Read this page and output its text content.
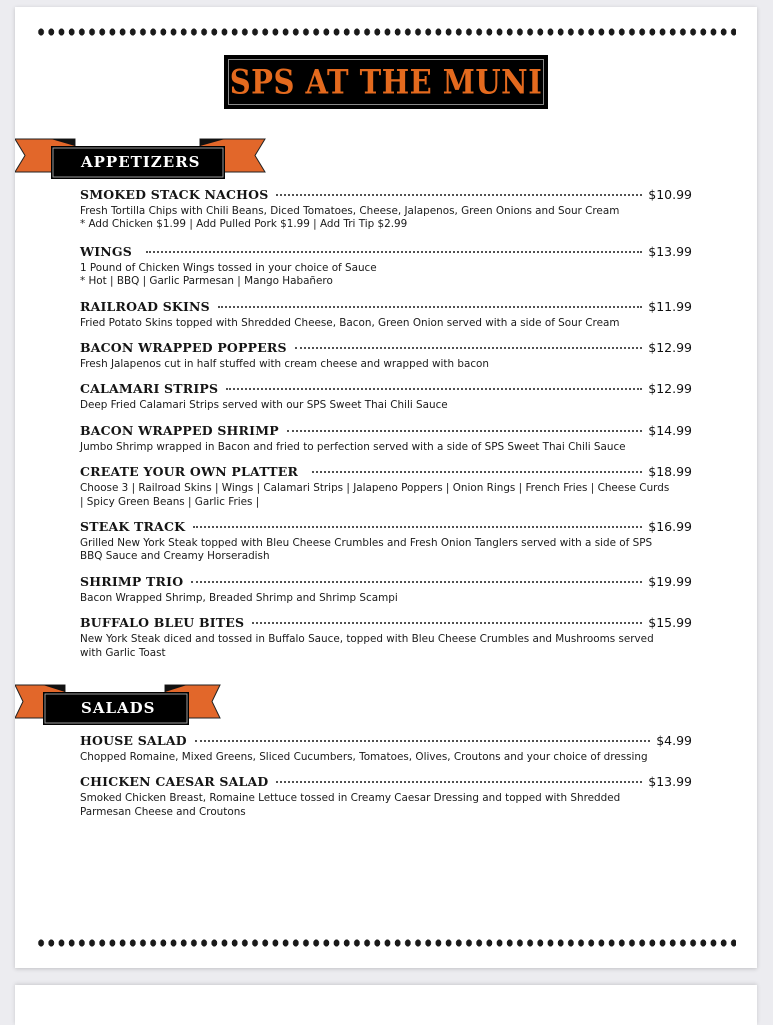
SPS AT THE MUNI
APPETIZERS
SMOKED STACK NACHOS	$10.99
Fresh Tortilla Chips with Chili Beans, Diced Tomatoes, Cheese, Jalapenos, Green Onions and Sour Cream
* Add Chicken $1.99 | Add Pulled Pork $1.99 | Add Tri Tip $2.99
WINGS	$13.99
1 Pound of Chicken Wings tossed in your choice of Sauce
* Hot | BBQ | Garlic Parmesan | Mango Habañero
RAILROAD SKINS	$11.99
Fried Potato Skins topped with Shredded Cheese, Bacon, Green Onion served with a side of Sour Cream
BACON WRAPPED POPPERS	$12.99
Fresh Jalapenos cut in half stuffed with cream cheese and wrapped with bacon
CALAMARI STRIPS	$12.99
Deep Fried Calamari Strips served with our SPS Sweet Thai Chili Sauce
BACON WRAPPED SHRIMP	$14.99
Jumbo Shrimp wrapped in Bacon and fried to perfection served with a side of SPS Sweet Thai Chili Sauce
CREATE YOUR OWN PLATTER	$18.99
Choose 3 | Railroad Skins | Wings | Calamari Strips | Jalapeno Poppers | Onion Rings | French Fries | Cheese Curds | Spicy Green Beans | Garlic Fries |
STEAK TRACK	$16.99
Grilled New York Steak topped with Bleu Cheese Crumbles and Fresh Onion Tanglers served with a side of SPS BBQ Sauce and Creamy Horseradish
SHRIMP TRIO	$19.99
Bacon Wrapped Shrimp, Breaded Shrimp and Shrimp Scampi
BUFFALO BLEU BITES	$15.99
New York Steak diced and tossed in Buffalo Sauce, topped with Bleu Cheese Crumbles and Mushrooms served with Garlic Toast
SALADS
HOUSE SALAD	$4.99
Chopped Romaine, Mixed Greens, Sliced Cucumbers, Tomatoes, Olives, Croutons and your choice of dressing
CHICKEN CAESAR SALAD	$13.99
Smoked Chicken Breast, Romaine Lettuce tossed in Creamy Caesar Dressing and topped with Shredded Parmesan Cheese and Croutons
